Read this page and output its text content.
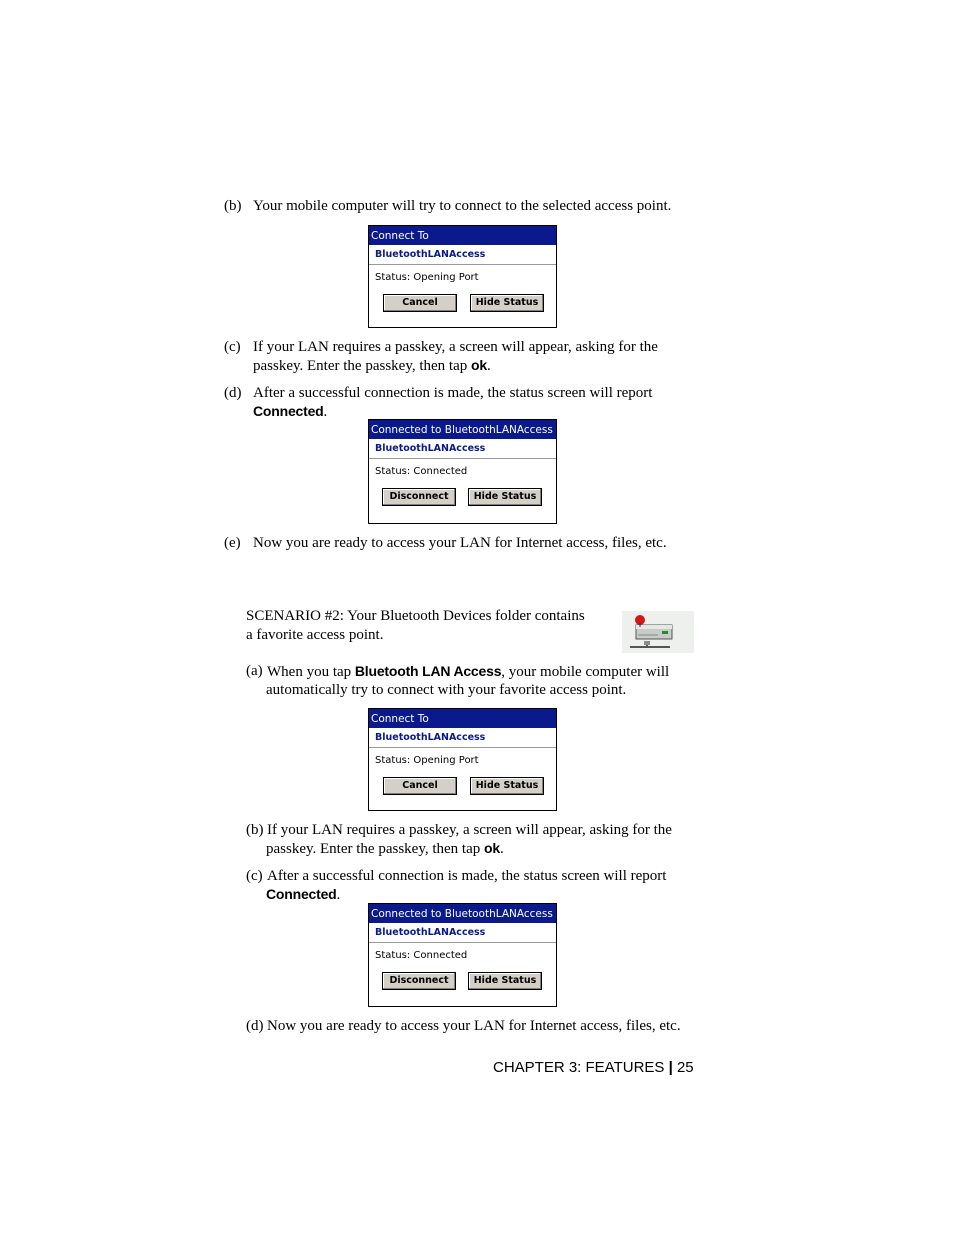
(b) Your mobile computer will try to connect to the selected access point.
Connect To
BluetoothLANAccess
Status: Opening Port
Cancel	Hide Status
(c) If your LAN requires a passkey, a screen will appear, asking for the
passkey. Enter the passkey, then tap ok.
(d) After a successful connection is made, the status screen will report
Connected.
Connected to BluetoothLANAccess
BluetoothLANAccess
Status: Connected
Disconnect	Hide Status
(e) Now you are ready to access your LAN for Internet access, files, etc.
SCENARIO #2: Your Bluetooth Devices folder contains
a favorite access point.
(a) When you tap Bluetooth LAN Access, your mobile computer will
automatically try to connect with your favorite access point.
Connect To
BluetoothLANAccess
Status: Opening Port
Cancel	Hide Status
(b) If your LAN requires a passkey, a screen will appear, asking for the
passkey. Enter the passkey, then tap ok.
(c) After a successful connection is made, the status screen will report
Connected.
Connected to BluetoothLANAccess
BluetoothLANAccess
Status: Connected
Disconnect	Hide Status
(d) Now you are ready to access your LAN for Internet access, files, etc.
CHAPTER 3: FEATURES | 25
